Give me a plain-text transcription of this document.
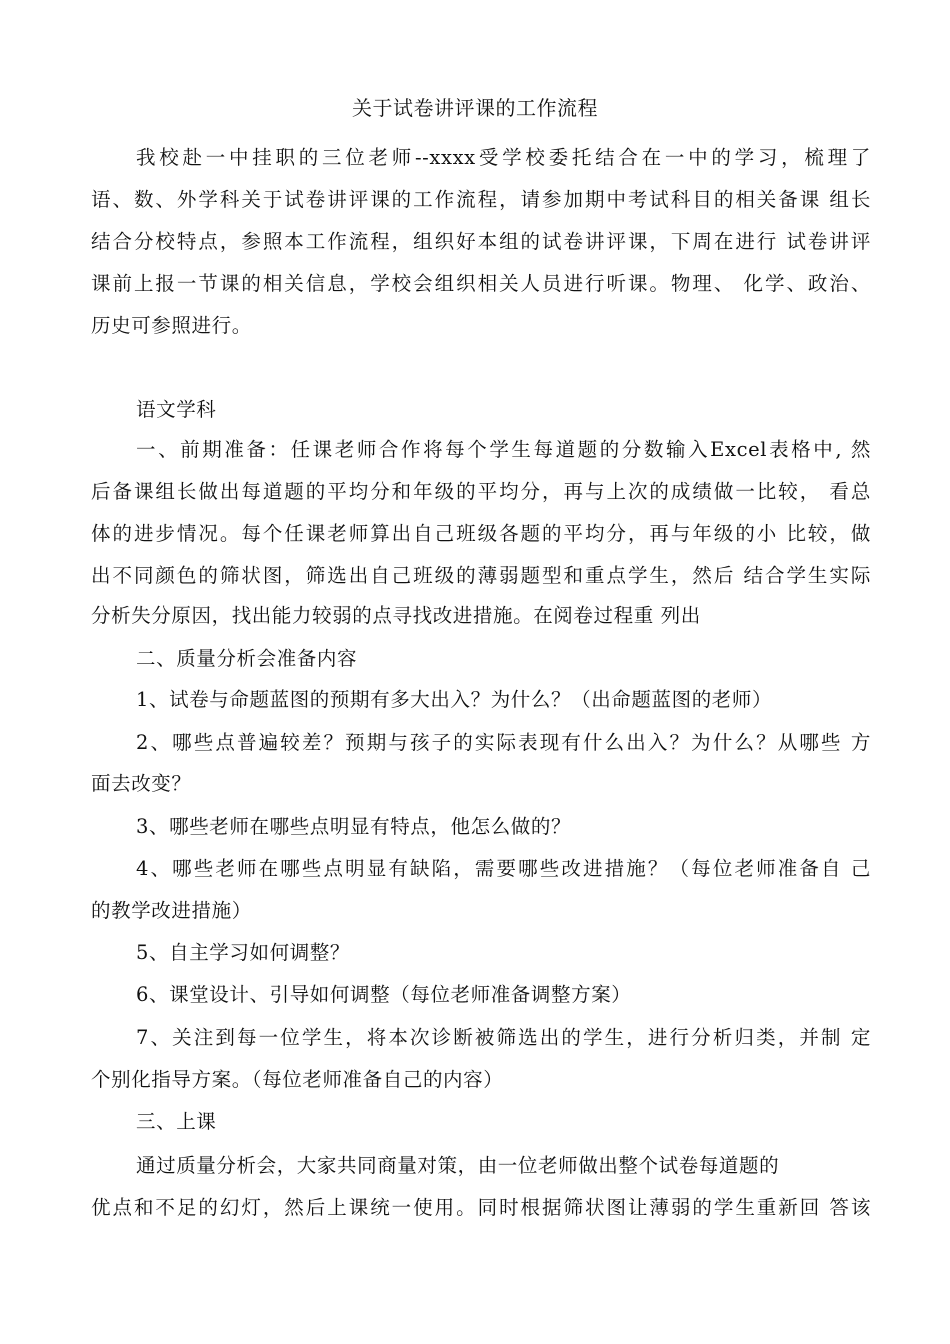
关于试卷讲评课的工作流程
我校赴一中挂职的三位老师--xxxx受学校委托结合在一中的学习，梳理了
语、数、外学科关于试卷讲评课的工作流程，请参加期中考试科目的相关备课 组长
结合分校特点，参照本工作流程，组织好本组的试卷讲评课，下周在进行 试卷讲评
课前上报一节课的相关信息，学校会组织相关人员进行听课。物理、 化学、政治、
历史可参照进行。
语文学科
一、前期准备：任课老师合作将每个学生每道题的分数输入Excel表格中, 然
后备课组长做出每道题的平均分和年级的平均分，再与上次的成绩做一比较， 看总
体的进步情况。每个任课老师算出自己班级各题的平均分，再与年级的小 比较，做
出不同颜色的筛状图，筛选出自己班级的薄弱题型和重点学生，然后 结合学生实际
分析失分原因，找出能力较弱的点寻找改进措施。在阅卷过程重 列出
二、质量分析会准备内容
1、试卷与命题蓝图的预期有多大出入？为什么？（出命题蓝图的老师）
2、哪些点普遍较差？预期与孩子的实际表现有什么出入？为什么？从哪些 方
面去改变？
3、哪些老师在哪些点明显有特点，他怎么做的？
4、哪些老师在哪些点明显有缺陷，需要哪些改进措施？（每位老师准备自 己
的教学改进措施）
5、自主学习如何调整？
6、课堂设计、引导如何调整（每位老师准备调整方案）
7、关注到每一位学生，将本次诊断被筛选出的学生，进行分析归类，并制 定
个别化指导方案。（每位老师准备自己的内容）
三、上课
通过质量分析会，大家共同商量对策，由一位老师做出整个试卷每道题的
优点和不足的幻灯，然后上课统一使用。同时根据筛状图让薄弱的学生重新回 答该
